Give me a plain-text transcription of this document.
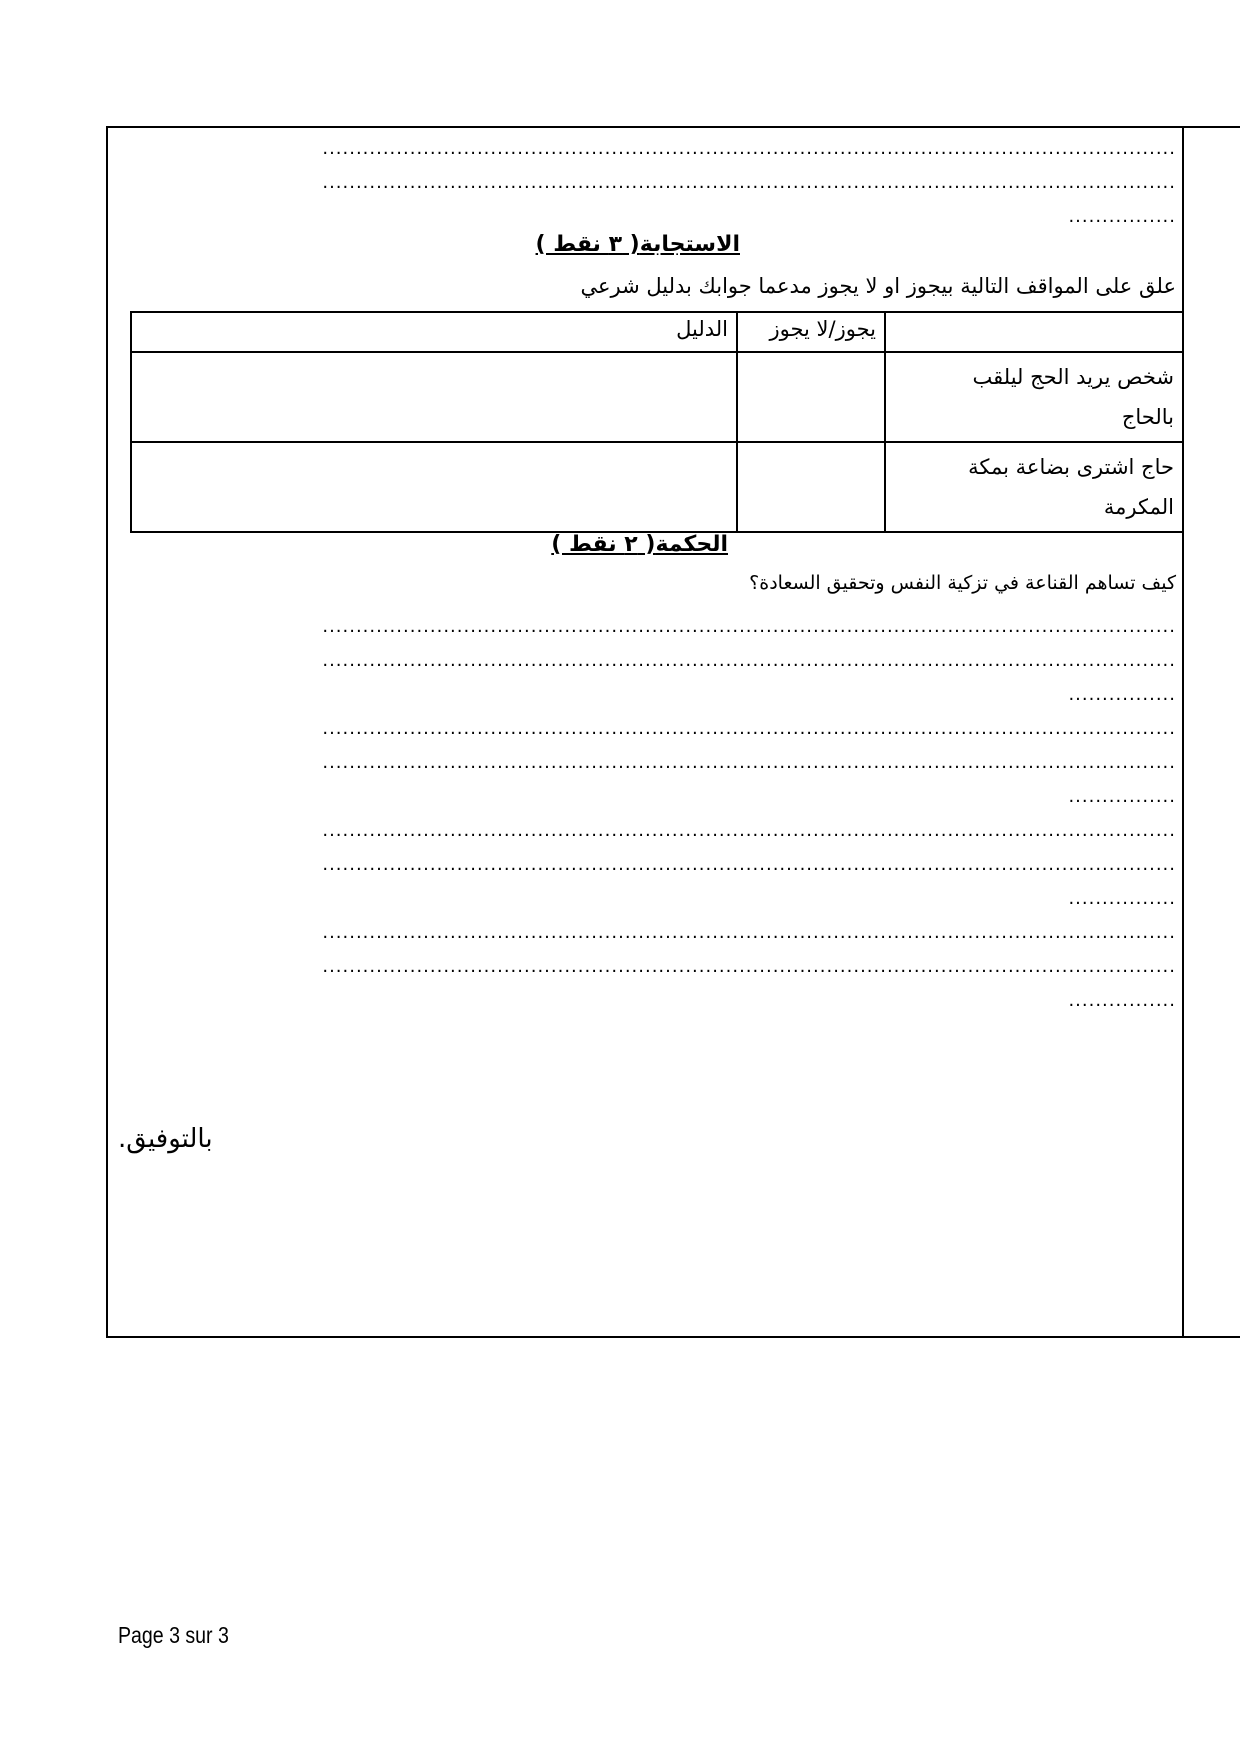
...............................................................................................................................
...............................................................................................................................
................
الاستجابة( ٣ نقط )
علق على المواقف التالية بيجوز او لا يجوز مدعما جوابك بدليل شرعي
	يجوز/لا يجوز	الدليل

شخص يريد الحج ليلقب
بالحاج		

حاج اشترى بضاعة بمكة
المكرمة		

الحكمة( ٢ نقط )
كيف تساهم القناعة في تزكية النفس وتحقيق السعادة؟
...............................................................................................................................
...............................................................................................................................
................
...............................................................................................................................
...............................................................................................................................
................
...............................................................................................................................
...............................................................................................................................
................
...............................................................................................................................
...............................................................................................................................
................
بالتوفيق.
Page 3 sur 3
